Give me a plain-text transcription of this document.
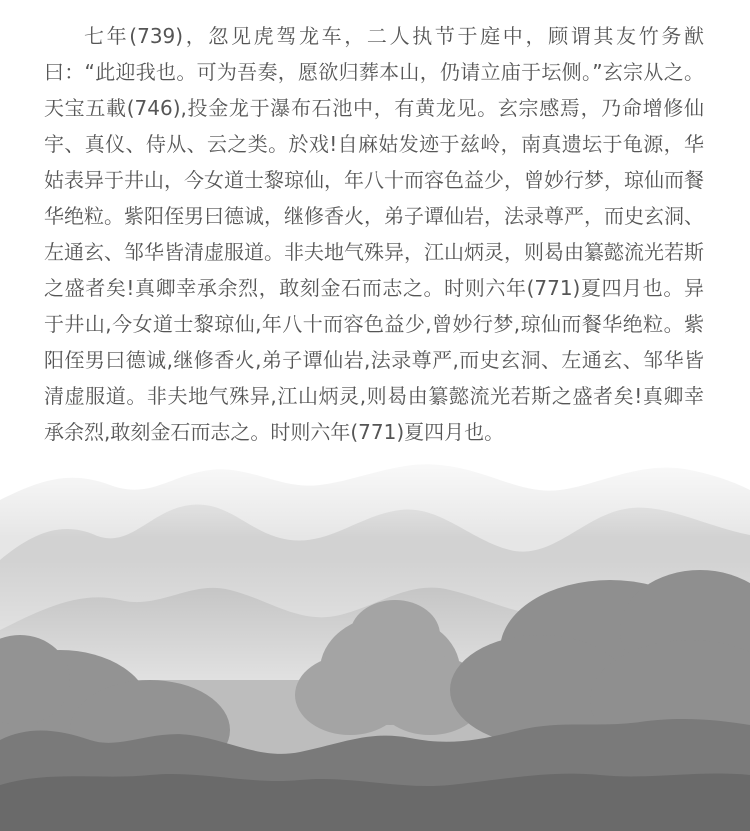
七年(739)，忽见虎驾龙车，二人执节于庭中，顾谓其友竹务猷曰：“此迎我也。可为吾奏，愿欲归葬本山，仍请立庙于坛侧。”玄宗从之。天宝五載(746),投金龙于瀑布石池中，有黄龙见。玄宗感焉，乃命增修仙宇、真仪、侍从、云之类。於戏!自麻姑发迹于兹岭，南真遗坛于龟源，华姑表异于井山，今女道士黎琼仙，年八十而容色益少，曾妙行梦，琼仙而餐华绝粒。紫阳侄男曰德诚，继修香火，弟子谭仙岩，法录尊严，而史玄洞、左通玄、邹华皆清虚服道。非夫地气殊异，江山炳灵，则曷由纂懿流光若斯之盛者矣!真卿幸承余烈，敢刻金石而志之。时则六年(771)夏四月也。异于井山,今女道士黎琼仙,年八十而容色益少,曾妙行梦,琼仙而餐华绝粒。紫阳侄男曰德诚,继修香火,弟子谭仙岩,法录尊严,而史玄洞、左通玄、邹华皆清虚服道。非夫地气殊异,江山炳灵,则曷由纂懿流光若斯之盛者矣!真卿幸承余烈,敢刻金石而志之。时则六年(771)夏四月也。
